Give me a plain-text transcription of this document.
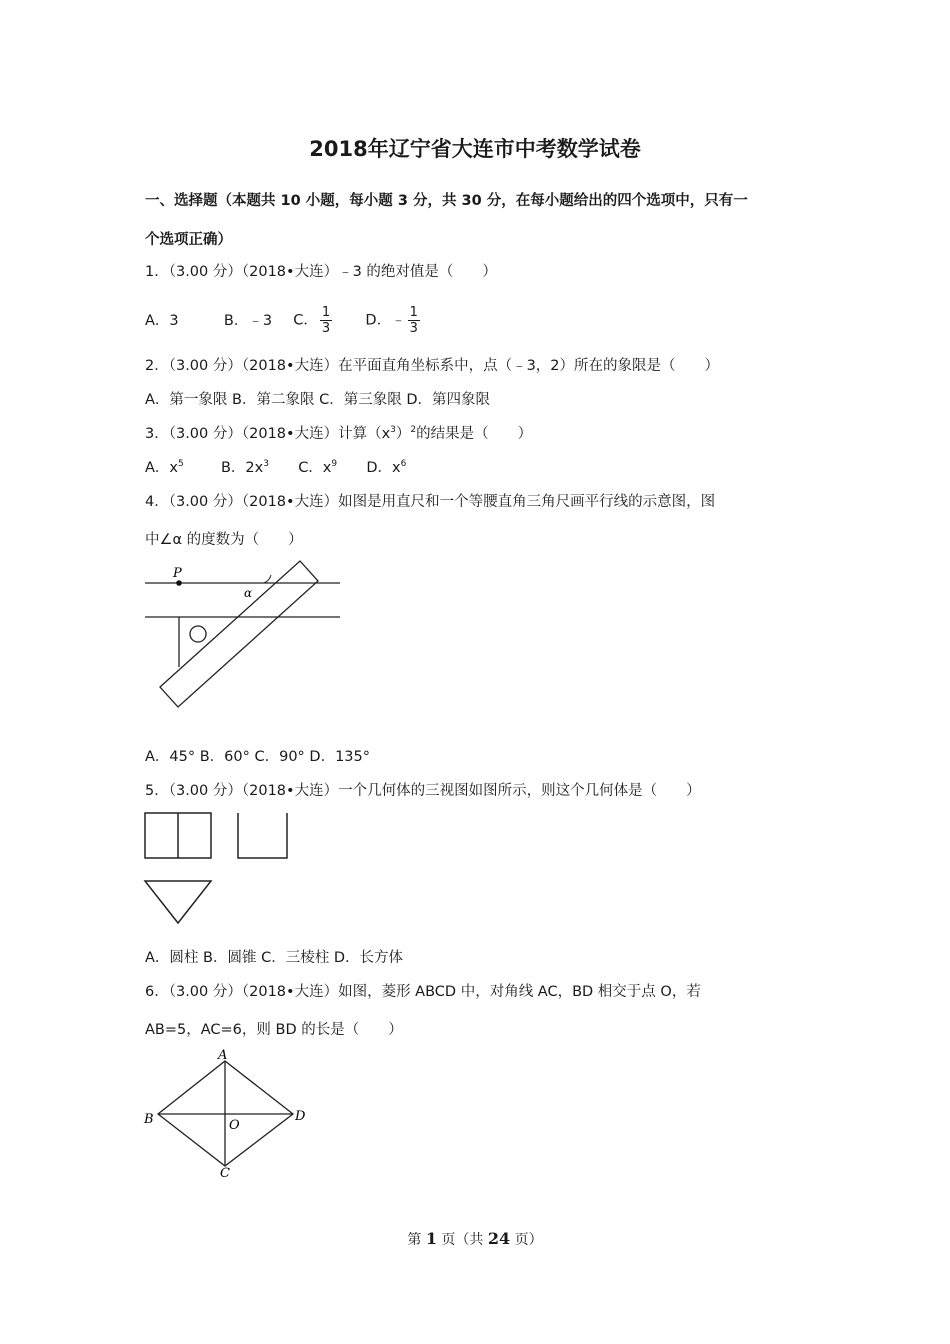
2018年辽宁省大连市中考数学试卷
一、选择题（本题共 10 小题，每小题 3 分，共 30 分，在每小题给出的四个选项中，只有一
个选项正确）
1．（3.00 分）（2018•大连）﹣3 的绝对值是（　　）
A．3	B．﹣3 C． $\frac{1}{3}$ D．﹣ $\frac{1}{3}$
2．（3.00 分）（2018•大连）在平面直角坐标系中，点（﹣3，2）所在的象限是（　　）
A．第一象限 B．第二象限 C．第三象限 D．第四象限
3．（3.00 分）（2018•大连）计算$(x^3)^2$的结果是（　　）
A．$x^5$	B．$2x^3$ C．$x^9$ D．$x^6$
4．（3.00 分）（2018•大连）如图是用直尺和一个等腰直角三角尺画平行线的示意图，图
中∠α 的度数为（　　）
P
α
A．45° B．60° C．90° D．135°
5．（3.00 分）（2018•大连）一个几何体的三视图如图所示，则这个几何体是（　　）
A．圆柱 B．圆锥 C．三棱柱 D．长方体
6．（3.00 分）（2018•大连）如图，菱形 ABCD 中，对角线 AC，BD 相交于点 O，若
AB=5，AC=6，则 BD 的长是（　　）
A
B
C
D
O
第 1 页（共 24 页）
